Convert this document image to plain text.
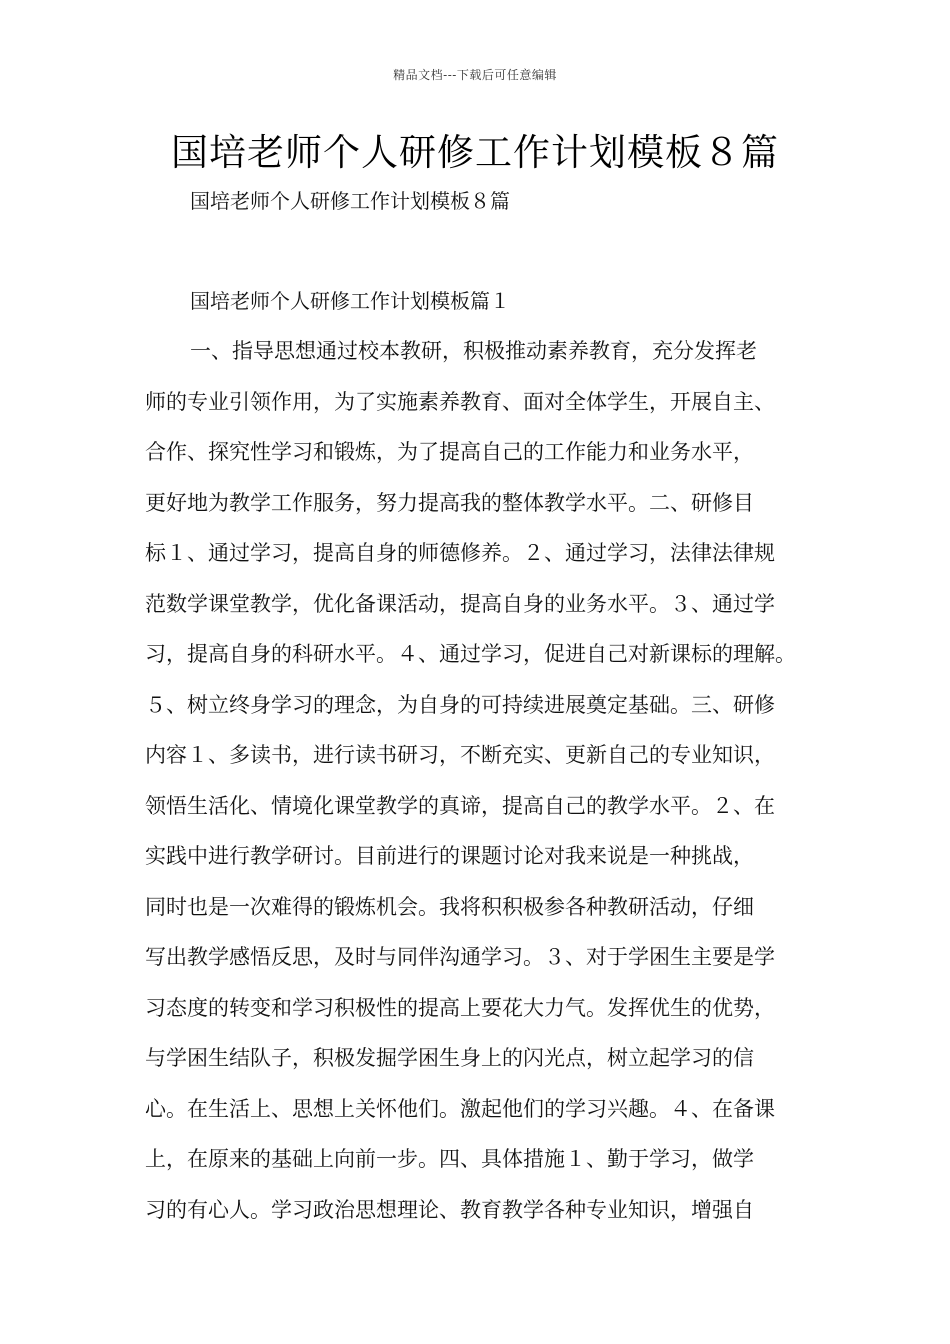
精品文档---下载后可任意编辑
国培老师个人研修工作计划模板８篇
国培老师个人研修工作计划模板８篇
国培老师个人研修工作计划模板篇１
一、指导思想通过校本教研，积极推动素养教育，充分发挥老
师的专业引领作用，为了实施素养教育、面对全体学生，开展自主、
合作、探究性学习和锻炼，为了提高自己的工作能力和业务水平，
更好地为教学工作服务，努力提高我的整体教学水平。二、研修目
标１、通过学习，提高自身的师德修养。２、通过学习，法律法律规
范数学课堂教学，优化备课活动，提高自身的业务水平。３、通过学
习，提高自身的科研水平。４、通过学习，促进自己对新课标的理解。
５、树立终身学习的理念，为自身的可持续进展奠定基础。三、研修
内容１、多读书，进行读书研习，不断充实、更新自己的专业知识，
领悟生活化、情境化课堂教学的真谛，提高自己的教学水平。２、在
实践中进行教学研讨。目前进行的课题讨论对我来说是一种挑战，
同时也是一次难得的锻炼机会。我将积积极参各种教研活动，仔细
写出教学感悟反思，及时与同伴沟通学习。３、对于学困生主要是学
习态度的转变和学习积极性的提高上要花大力气。发挥优生的优势，
与学困生结队子，积极发掘学困生身上的闪光点，树立起学习的信
心。在生活上、思想上关怀他们。激起他们的学习兴趣。４、在备课
上，在原来的基础上向前一步。四、具体措施１、勤于学习，做学
习的有心人。学习政治思想理论、教育教学各种专业知识，增强自
